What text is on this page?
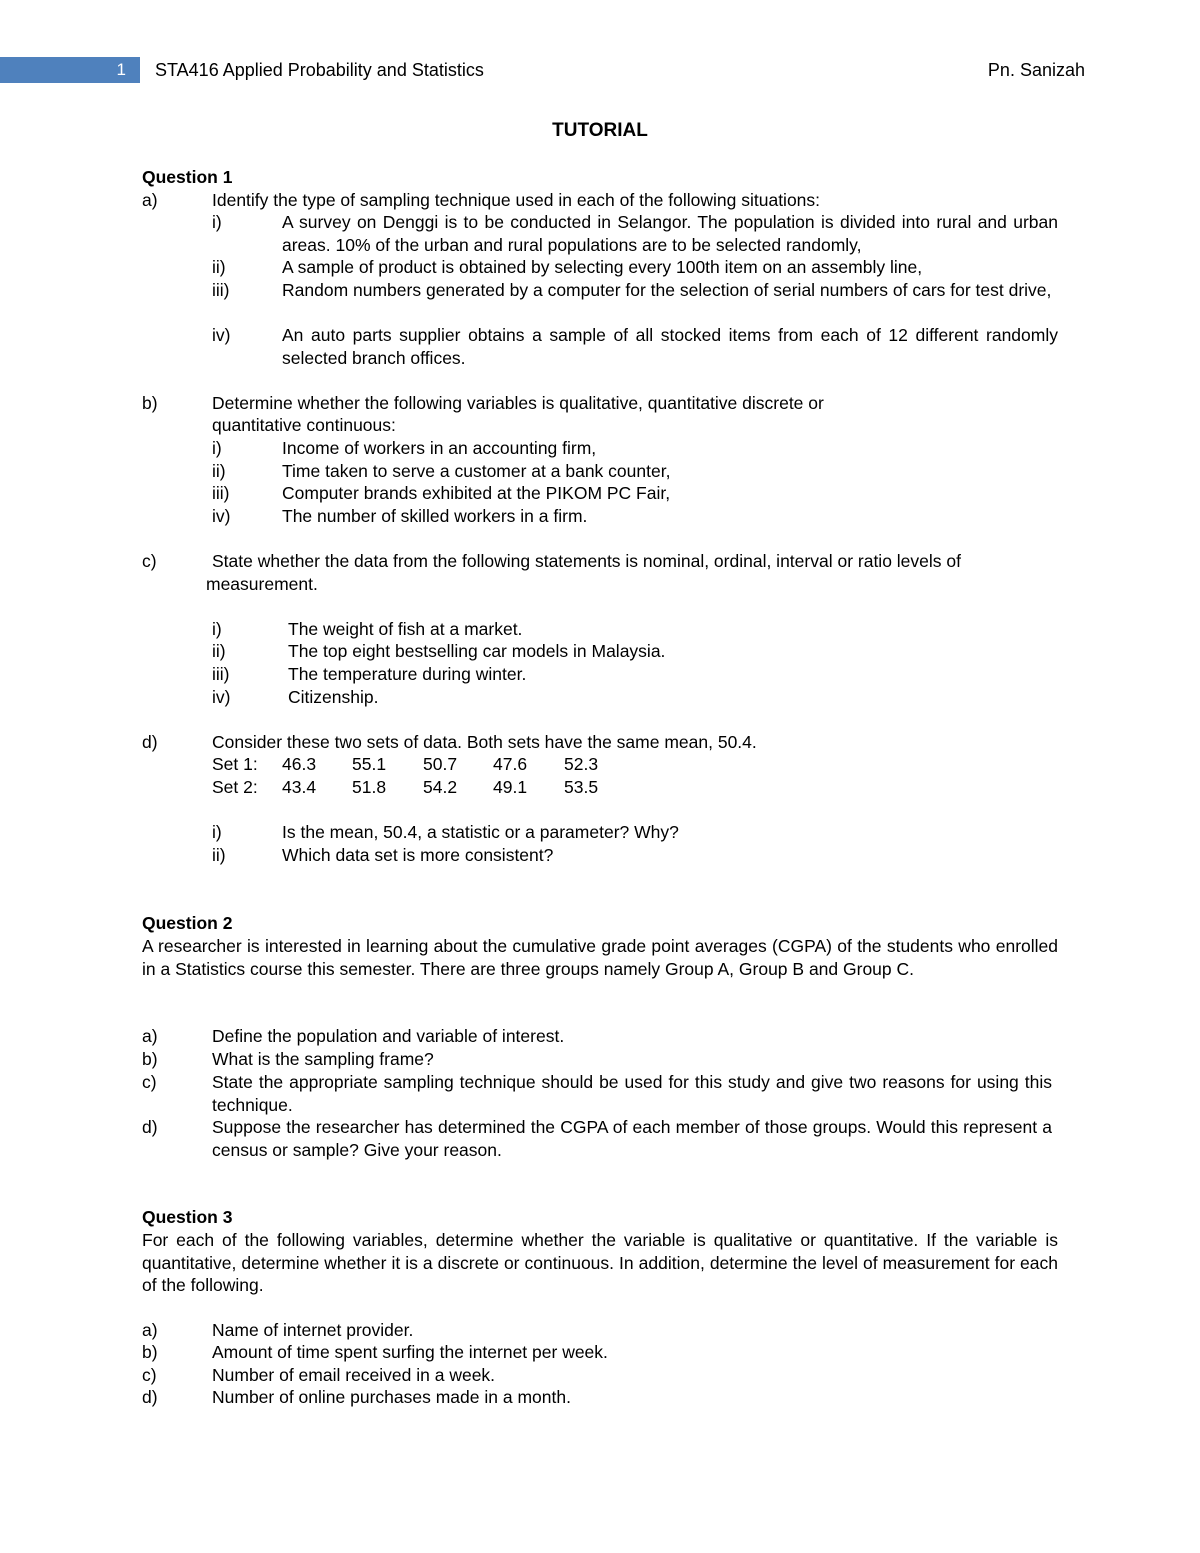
1	STA416 Applied Probability and Statistics	Pn. Sanizah
TUTORIAL
Question 1
a)	Identify the type of sampling technique used in each of the following situations:
i)	A survey on Denggi is to be conducted in Selangor. The population is divided into rural and urban areas. 10% of the urban and rural populations are to be selected randomly,
ii)	A sample of product is obtained by selecting every 100th item on an assembly line,
iii)	Random numbers generated by a computer for the selection of serial numbers of cars for test drive,
iv)	An auto parts supplier obtains a sample of all stocked items from each of 12 different randomly selected branch offices.
b)	Determine whether the following variables is qualitative, quantitative discrete or
quantitative continuous:
i)	Income of workers in an accounting firm,
ii)	Time taken to serve a customer at a bank counter,
iii)	Computer brands exhibited at the PIKOM PC Fair,
iv)	The number of skilled workers in a firm.
c)	State whether the data from the following statements is nominal, ordinal, interval or ratio levels of
measurement.
i)	The weight of fish at a market.
ii)	The top eight bestselling car models in Malaysia.
iii)	The temperature during winter.
iv)	Citizenship.
d)	Consider these two sets of data. Both sets have the same mean, 50.4.
Set 1: 46.3 55.1 50.7 47.6 52.3
Set 2: 43.4 51.8 54.2 49.1 53.5
i)	Is the mean, 50.4, a statistic or a parameter? Why?
ii)	Which data set is more consistent?
Question 2
A researcher is interested in learning about the cumulative grade point averages (CGPA) of the students who enrolled in a Statistics course this semester. There are three groups namely Group A, Group B and Group C.
a)	Define the population and variable of interest.
b)	What is the sampling frame?
c)	State the appropriate sampling technique should be used for this study and give two reasons for using this technique.
d)	Suppose the researcher has determined the CGPA of each member of those groups. Would this represent a census or sample? Give your reason.
Question 3
For each of the following variables, determine whether the variable is qualitative or quantitative. If the variable is quantitative, determine whether it is a discrete or continuous. In addition, determine the level of measurement for each of the following.
a)	Name of internet provider.
b)	Amount of time spent surfing the internet per week.
c)	Number of email received in a week.
d)	Number of online purchases made in a month.
